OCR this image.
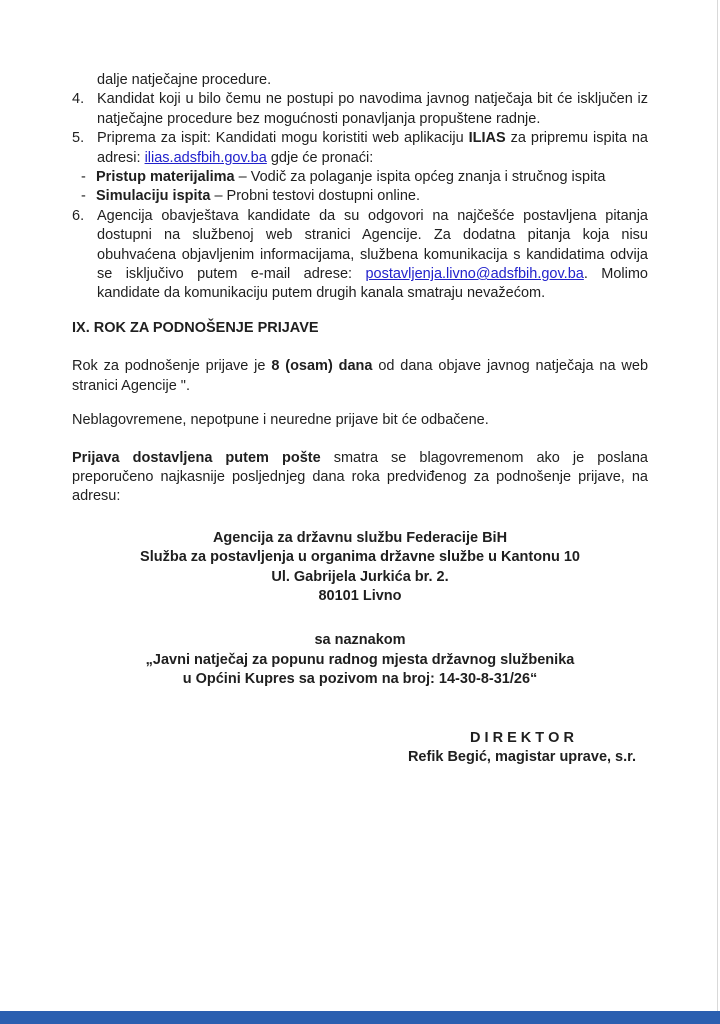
dalje natječajne procedure.

4. Kandidat koji u bilo čemu ne postupi po navodima javnog natječaja bit će isključen iz natječajne procedure bez mogućnosti ponavljanja propuštene radnje.
5. Priprema za ispit: Kandidati mogu koristiti web aplikaciju ILIAS za pripremu ispita na adresi: ilias.adsfbih.gov.ba gdje će pronaći:
- Pristup materijalima – Vodič za polaganje ispita općeg znanja i stručnog ispita
- Simulaciju ispita – Probni testovi dostupni online.
6. Agencija obavještava kandidate da su odgovori na najčešće postavljena pitanja dostupni na službenoj web stranici Agencije. Za dodatna pitanja koja nisu obuhvaćena objavljenim informacijama, službena komunikacija s kandidatima odvija se isključivo putem e-mail adrese: postavljenja.livno@adsfbih.gov.ba. Molimo kandidate da komunikaciju putem drugih kanala smatraju nevažećom.

IX. ROK ZA PODNOŠENJE PRIJAVE

Rok za podnošenje prijave je 8 (osam) dana od dana objave javnog natječaja na web stranici Agencije ".

Neblagovremene, nepotpune i neuredne prijave bit će odbačene.

Prijava dostavljena putem pošte smatra se blagovremenom ako je poslana preporučeno najkasnije posljednjeg dana roka predviđenog za podnošenje prijave, na adresu:

Agencija za državnu službu Federacije BiH
Služba za postavljenja u organima državne službe u Kantonu 10
Ul. Gabrijela Jurkića br. 2.
80101 Livno
sa naznakom
„Javni natječaj za popunu radnog mjesta državnog službenika
u Općini Kupres sa pozivom na broj: 14-30-8-31/26“
D I R E K T O R
Refik Begić, magistar uprave, s.r.
